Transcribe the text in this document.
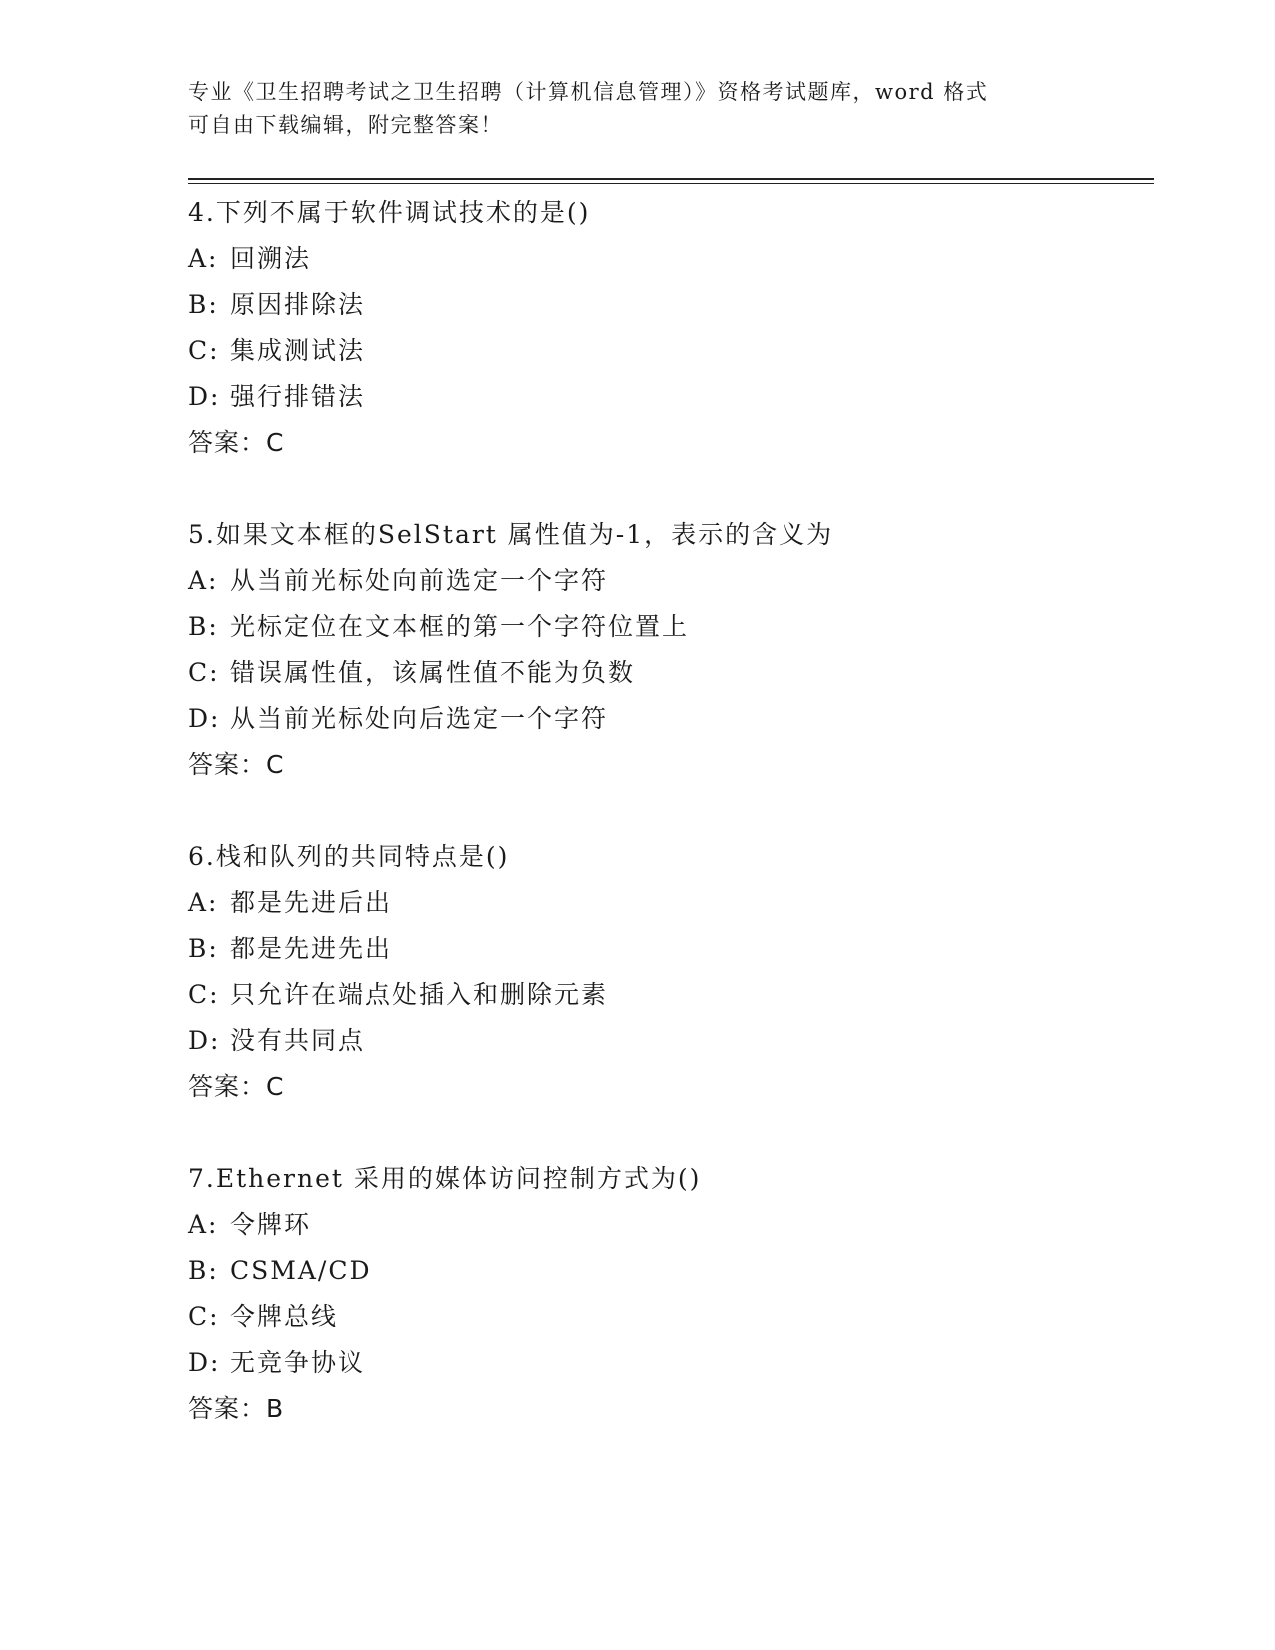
专业《卫生招聘考试之卫生招聘（计算机信息管理）》资格考试题库，word 格式
可自由下载编辑，附完整答案！
4.下列不属于软件调试技术的是()
A: 回溯法
B: 原因排除法
C: 集成测试法
D: 强行排错法
答案：C
5.如果文本框的SelStart 属性值为-1，表示的含义为
A: 从当前光标处向前选定一个字符
B: 光标定位在文本框的第一个字符位置上
C: 错误属性值，该属性值不能为负数
D: 从当前光标处向后选定一个字符
答案：C
6.栈和队列的共同特点是()
A: 都是先进后出
B: 都是先进先出
C: 只允许在端点处插入和删除元素
D: 没有共同点
答案：C
7.Ethernet 采用的媒体访问控制方式为()
A: 令牌环
B: CSMA/CD
C: 令牌总线
D: 无竞争协议
答案：B
